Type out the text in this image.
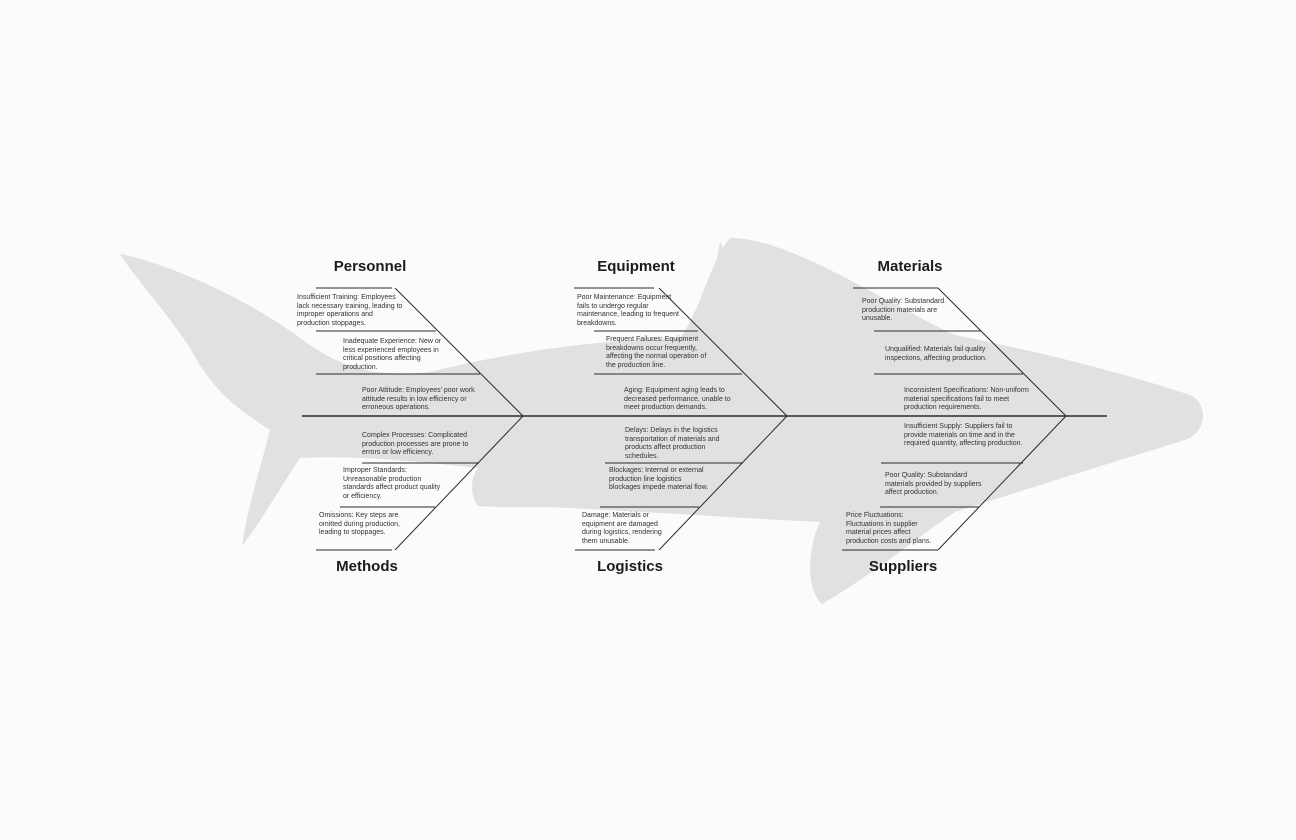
Personnel

Insufficient Training: Employees lack necessary training, leading to improper operations and production stoppages.

Inadequate Experience: New or less experienced employees in critical positions affecting production.

Poor Attitude: Employees' poor work attitude results in low efficiency or erroneous operations.

Equipment

Poor Maintenance: Equipment fails to undergo regular maintenance, leading to frequent breakdowns.

Frequent Failures: Equipment breakdowns occur frequently, affecting the normal operation of the production line.

Aging: Equipment aging leads to decreased performance, unable to meet production demands.

Materials

Poor Quality: Substandard production materials are unusable.

Unqualified: Materials fail quality inspections, affecting production.

Inconsistent Specifications: Non-uniform material specifications fail to meet production requirements.

Methods

Complex Processes: Complicated production processes are prone to errors or low efficiency.

Improper Standards: Unreasonable production standards affect product quality or efficiency.

Omissions: Key steps are omitted during production, leading to stoppages.

Logistics

Delays: Delays in the logistics transportation of materials and products affect production schedules.

Blockages: Internal or external production line logistics blockages impede material flow.

Damage: Materials or equipment are damaged during logistics, rendering them unusable.

Suppliers

Insufficient Supply: Suppliers fail to provide materials on time and in the required quantity, affecting production.

Poor Quality: Substandard materials provided by suppliers affect production.

Price Fluctuations: Fluctuations in supplier material prices affect production costs and plans.
